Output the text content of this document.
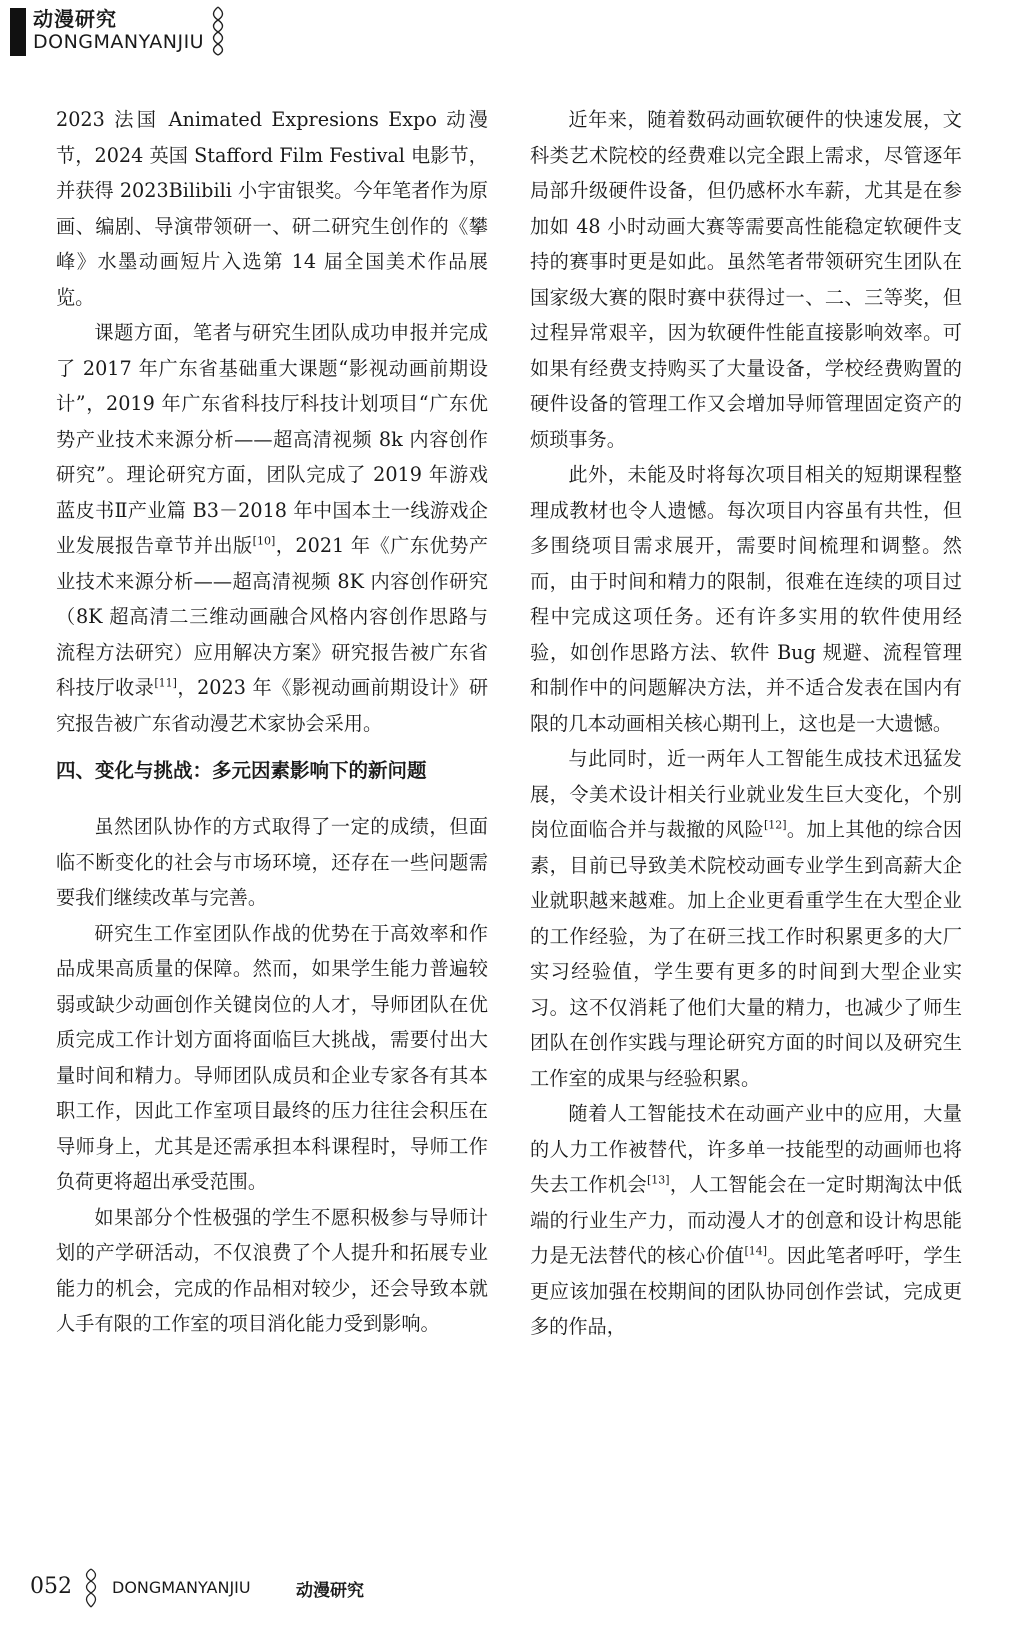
动漫研究
DONGMANYANJIU

2023 法国 Animated Expresions Expo 动漫节，2024 英国 Stafford Film Festival 电影节，并获得 2023Bilibili 小宇宙银奖。今年笔者作为原画、编剧、导演带领研一、研二研究生创作的《攀峰》水墨动画短片入选第 14 届全国美术作品展览。

课题方面，笔者与研究生团队成功申报并完成了 2017 年广东省基础重大课题“影视动画前期设计”，2019 年广东省科技厅科技计划项目“广东优势产业技术来源分析——超高清视频 8k 内容创作研究”。理论研究方面，团队完成了 2019 年游戏蓝皮书Ⅱ产业篇 B3－2018 年中国本土一线游戏企业发展报告章节并出版[10]，2021 年《广东优势产业技术来源分析——超高清视频 8K 内容创作研究（8K 超高清二三维动画融合风格内容创作思路与流程方法研究）应用解决方案》研究报告被广东省科技厅收录[11]，2023 年《影视动画前期设计》研究报告被广东省动漫艺术家协会采用。

四、变化与挑战：多元因素影响下的新问题

虽然团队协作的方式取得了一定的成绩，但面临不断变化的社会与市场环境，还存在一些问题需要我们继续改革与完善。

研究生工作室团队作战的优势在于高效率和作品成果高质量的保障。然而，如果学生能力普遍较弱或缺少动画创作关键岗位的人才，导师团队在优质完成工作计划方面将面临巨大挑战，需要付出大量时间和精力。导师团队成员和企业专家各有其本职工作，因此工作室项目最终的压力往往会积压在导师身上，尤其是还需承担本科课程时，导师工作负荷更将超出承受范围。

如果部分个性极强的学生不愿积极参与导师计划的产学研活动，不仅浪费了个人提升和拓展专业能力的机会，完成的作品相对较少，还会导致本就人手有限的工作室的项目消化能力受到影响。

近年来，随着数码动画软硬件的快速发展，文科类艺术院校的经费难以完全跟上需求，尽管逐年局部升级硬件设备，但仍感杯水车薪，尤其是在参加如 48 小时动画大赛等需要高性能稳定软硬件支持的赛事时更是如此。虽然笔者带领研究生团队在国家级大赛的限时赛中获得过一、二、三等奖，但过程异常艰辛，因为软硬件性能直接影响效率。可如果有经费支持购买了大量设备，学校经费购置的硬件设备的管理工作又会增加导师管理固定资产的烦琐事务。

此外，未能及时将每次项目相关的短期课程整理成教材也令人遗憾。每次项目内容虽有共性，但多围绕项目需求展开，需要时间梳理和调整。然而，由于时间和精力的限制，很难在连续的项目过程中完成这项任务。还有许多实用的软件使用经验，如创作思路方法、软件 Bug 规避、流程管理和制作中的问题解决方法，并不适合发表在国内有限的几本动画相关核心期刊上，这也是一大遗憾。

与此同时，近一两年人工智能生成技术迅猛发展，令美术设计相关行业就业发生巨大变化，个别岗位面临合并与裁撤的风险[12]。加上其他的综合因素，目前已导致美术院校动画专业学生到高薪大企业就职越来越难。加上企业更看重学生在大型企业的工作经验，为了在研三找工作时积累更多的大厂实习经验值，学生要有更多的时间到大型企业实习。这不仅消耗了他们大量的精力，也减少了师生团队在创作实践与理论研究方面的时间以及研究生工作室的成果与经验积累。

随着人工智能技术在动画产业中的应用，大量的人力工作被替代，许多单一技能型的动画师也将失去工作机会[13]，人工智能会在一定时期淘汰中低端的行业生产力，而动漫人才的创意和设计构思能力是无法替代的核心价值[14]。因此笔者呼吁，学生更应该加强在校期间的团队协同创作尝试，完成更多的作品，

052	DONGMANYANJIU	动漫研究
